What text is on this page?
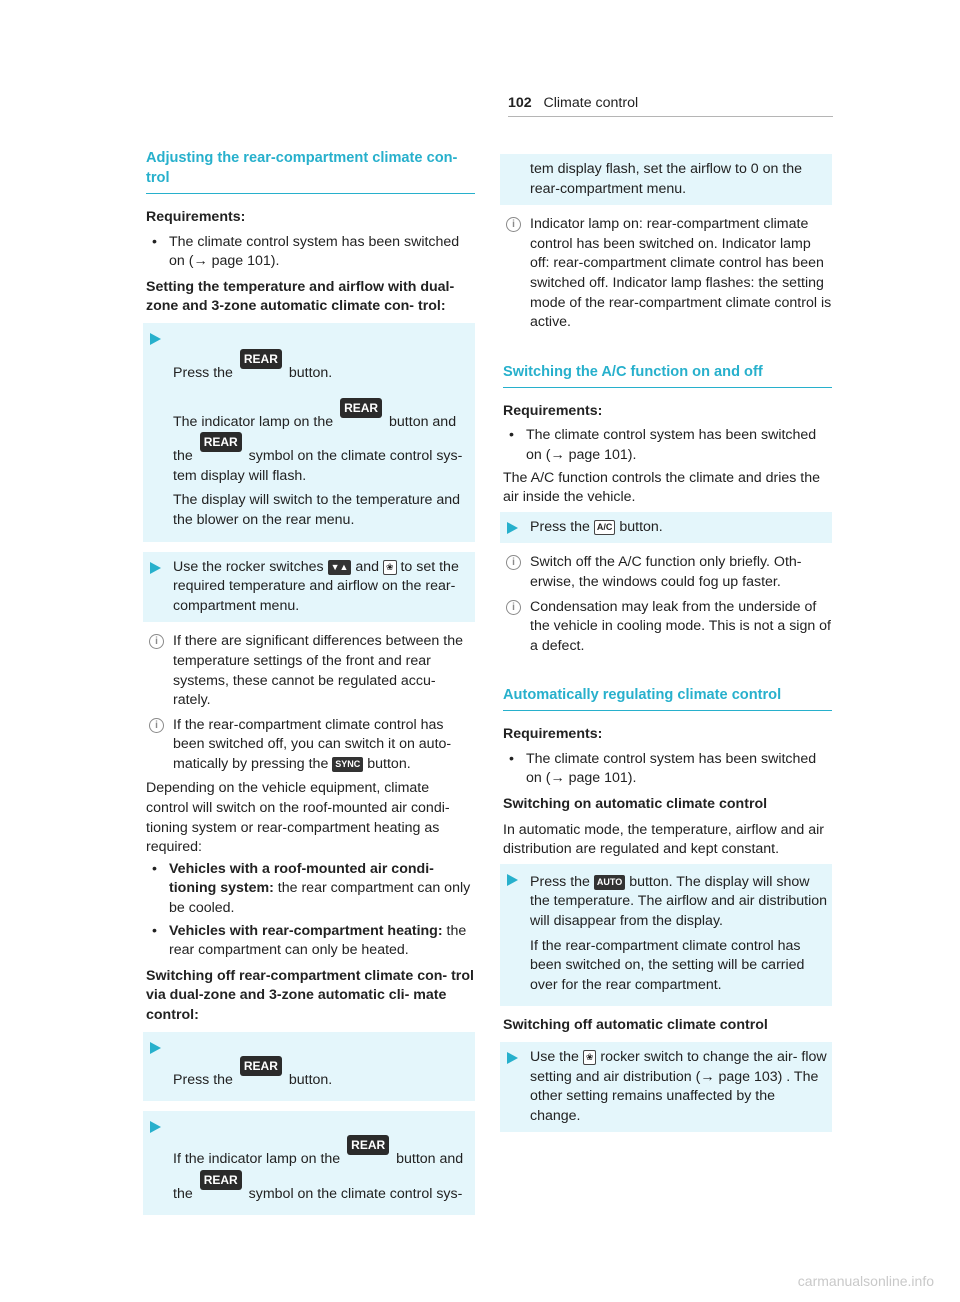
102 Climate control
Adjusting the rear-compartment climate con- trol
Requirements:
• The climate control system has been switched on (→ page 101).
Setting the temperature and airflow with dual-zone and 3-zone automatic climate con- trol:
Press the REAR button.
The indicator lamp on the REAR button and the REAR symbol on the climate control sys- tem display will flash.
The display will switch to the temperature and the blower on the rear menu.
Use the rocker switches ▼▲ and ❀ to set the required temperature and airflow on the rear-compartment menu.
i	If there are significant differences between the temperature settings of the front and rear systems, these cannot be regulated accu- rately.
i	If the rear-compartment climate control has been switched off, you can switch it on auto- matically by pressing the SYNC button.

Depending on the vehicle equipment, climate control will switch on the roof-mounted air condi- tioning system or rear-compartment heating as required:

• Vehicles with a roof-mounted air condi- tioning system: the rear compartment can only be cooled.
• Vehicles with rear-compartment heating: the rear compartment can only be heated.
Switching off rear-compartment climate con- trol via dual-zone and 3-zone automatic cli- mate control:
Press the REAR button.
If the indicator lamp on the REAR button and the REAR symbol on the climate control sys-
tem display flash, set the airflow to 0 on the rear-compartment menu.
i	Indicator lamp on: rear-compartment climate control has been switched on. Indicator lamp off: rear-compartment climate control has been switched off. Indicator lamp flashes: the setting mode of the rear-compartment climate control is active.
Switching the A/C function on and off
Requirements:
• The climate control system has been switched on (→ page 101).

The A/C function controls the climate and dries the air inside the vehicle.

Press the A/C button.
i	Switch off the A/C function only briefly. Oth- erwise, the windows could fog up faster.
i	Condensation may leak from the underside of the vehicle in cooling mode. This is not a sign of a defect.
Automatically regulating climate control
Requirements:
• The climate control system has been switched on (→ page 101).
Switching on automatic climate control

In automatic mode, the temperature, airflow and air distribution are regulated and kept constant.

Press the AUTO button. The display will show the temperature. The airflow and air distribution will disappear from the display.
If the rear-compartment climate control has been switched on, the setting will be carried over for the rear compartment.
Switching off automatic climate control
Use the ❀ rocker switch to change the air- flow setting and air distribution (→ page 103) . The other setting remains unaffected by the change.
carmanualsonline.info
